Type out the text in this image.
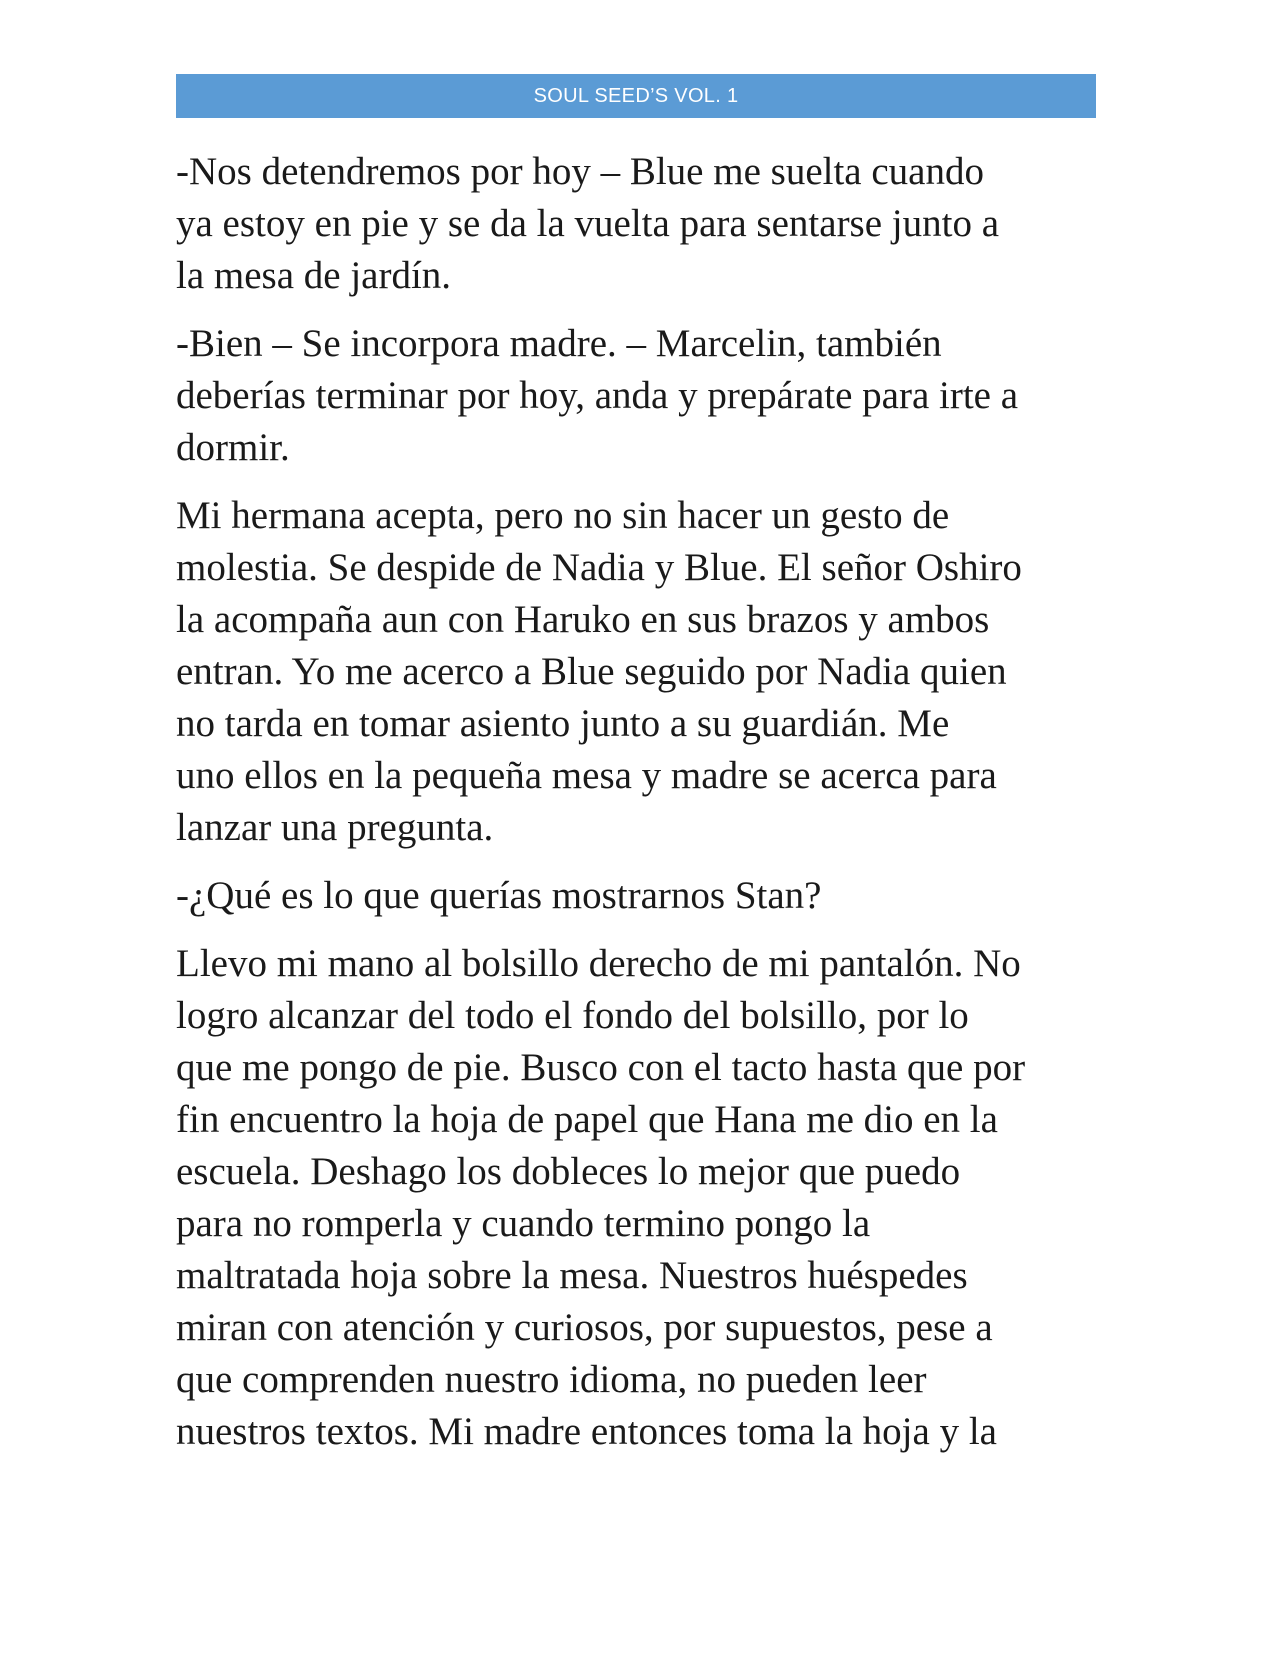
SOUL SEED’S VOL. 1

-Nos detendremos por hoy – Blue me suelta cuando
ya estoy en pie y se da la vuelta para sentarse junto a
la mesa de jardín.

-Bien – Se incorpora madre. – Marcelin, también
deberías terminar por hoy, anda y prepárate para irte a
dormir.

Mi hermana acepta, pero no sin hacer un gesto de
molestia. Se despide de Nadia y Blue. El señor Oshiro
la acompaña aun con Haruko en sus brazos y ambos
entran. Yo me acerco a Blue seguido por Nadia quien
no tarda en tomar asiento junto a su guardián. Me
uno ellos en la pequeña mesa y madre se acerca para
lanzar una pregunta.

-¿Qué es lo que querías mostrarnos Stan?

Llevo mi mano al bolsillo derecho de mi pantalón. No
logro alcanzar del todo el fondo del bolsillo, por lo
que me pongo de pie. Busco con el tacto hasta que por
fin encuentro la hoja de papel que Hana me dio en la
escuela. Deshago los dobleces lo mejor que puedo
para no romperla y cuando termino pongo la
maltratada hoja sobre la mesa. Nuestros huéspedes
miran con atención y curiosos, por supuestos, pese a
que comprenden nuestro idioma, no pueden leer
nuestros textos. Mi madre entonces toma la hoja y la
